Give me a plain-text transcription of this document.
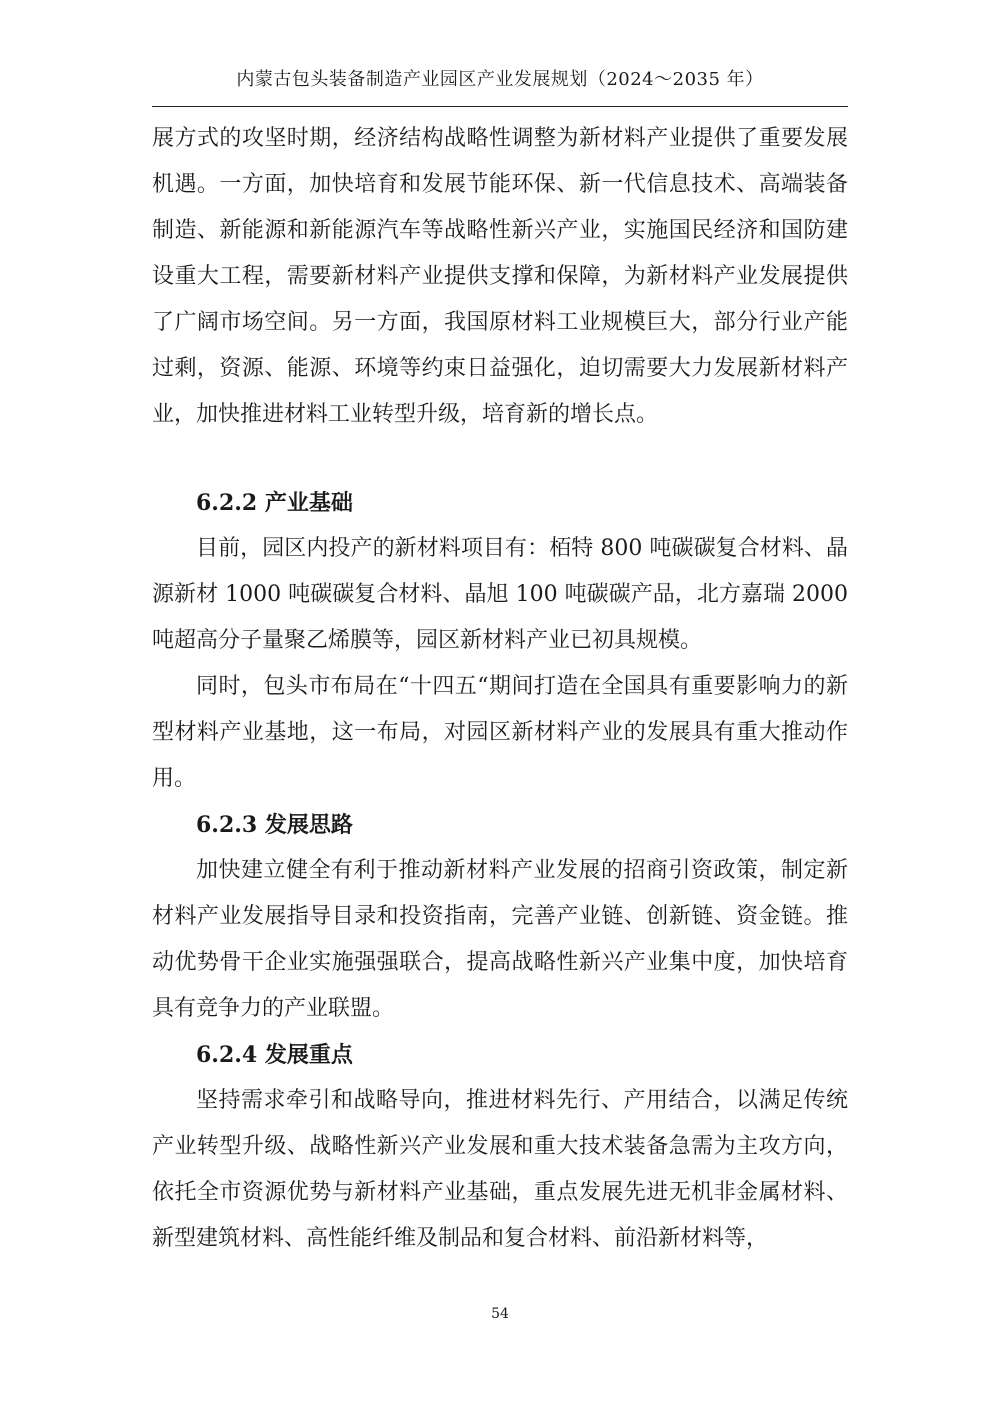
内蒙古包头装备制造产业园区产业发展规划（2024～2035 年）

展方式的攻坚时期，经济结构战略性调整为新材料产业提供了重要发展机遇。一方面，加快培育和发展节能环保、新一代信息技术、高端装备制造、新能源和新能源汽车等战略性新兴产业，实施国民经济和国防建设重大工程，需要新材料产业提供支撑和保障，为新材料产业发展提供了广阔市场空间。另一方面，我国原材料工业规模巨大，部分行业产能过剩，资源、能源、环境等约束日益强化，迫切需要大力发展新材料产业，加快推进材料工业转型升级，培育新的增长点。

6.2.2 产业基础

目前，园区内投产的新材料项目有：栢特 800 吨碳碳复合材料、晶源新材 1000 吨碳碳复合材料、晶旭 100 吨碳碳产品，北方嘉瑞 2000 吨超高分子量聚乙烯膜等，园区新材料产业已初具规模。

同时，包头市布局在“十四五“期间打造在全国具有重要影响力的新型材料产业基地，这一布局，对园区新材料产业的发展具有重大推动作用。

6.2.3 发展思路

加快建立健全有利于推动新材料产业发展的招商引资政策，制定新材料产业发展指导目录和投资指南，完善产业链、创新链、资金链。推动优势骨干企业实施强强联合，提高战略性新兴产业集中度，加快培育具有竞争力的产业联盟。

6.2.4 发展重点

坚持需求牵引和战略导向，推进材料先行、产用结合，以满足传统产业转型升级、战略性新兴产业发展和重大技术装备急需为主攻方向，依托全市资源优势与新材料产业基础，重点发展先进无机非金属材料、新型建筑材料、高性能纤维及制品和复合材料、前沿新材料等，

54
